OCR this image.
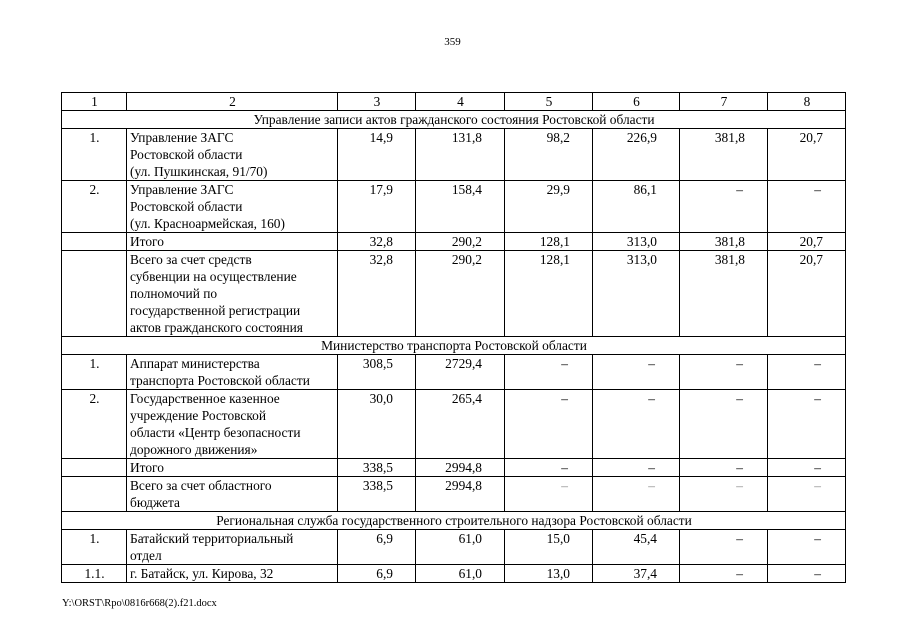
359
1	2	3	4	5	6	7	8
Управление записи актов гражданского состояния Ростовской области							
1.	Управление ЗАГС
Ростовской области
(ул. Пушкинская, 91/70)	14,9	131,8	98,2	226,9	381,8	20,7
2.	Управление ЗАГС
Ростовской области
(ул. Красноармейская, 160)	17,9	158,4	29,9	86,1	–	–

	Итого	32,8	290,2	128,1	313,0	381,8	20,7

	Всего за счет средств
субвенции на осуществление
полномочий по
государственной регистрации
актов гражданского состояния	32,8	290,2	128,1	313,0	381,8	20,7
Министерство транспорта Ростовской области							
1.	Аппарат министерства
транспорта Ростовской области	308,5	2729,4	–	–	–	–
2.	Государственное казенное
учреждение Ростовской
области «Центр безопасности
дорожного движения»	30,0	265,4	–	–	–	–

	Итого	338,5	2994,8	–	–	–	–

	Всего за счет областного
бюджета	338,5	2994,8	–	–	–	–
Региональная служба государственного строительного надзора Ростовской области							
1.	Батайский территориальный
отдел	6,9	61,0	15,0	45,4	–	–
1.1.	г. Батайск, ул. Кирова, 32	6,9	61,0	13,0	37,4	–	–
Y:\ORST\Rpo\0816r668(2).f21.docx
